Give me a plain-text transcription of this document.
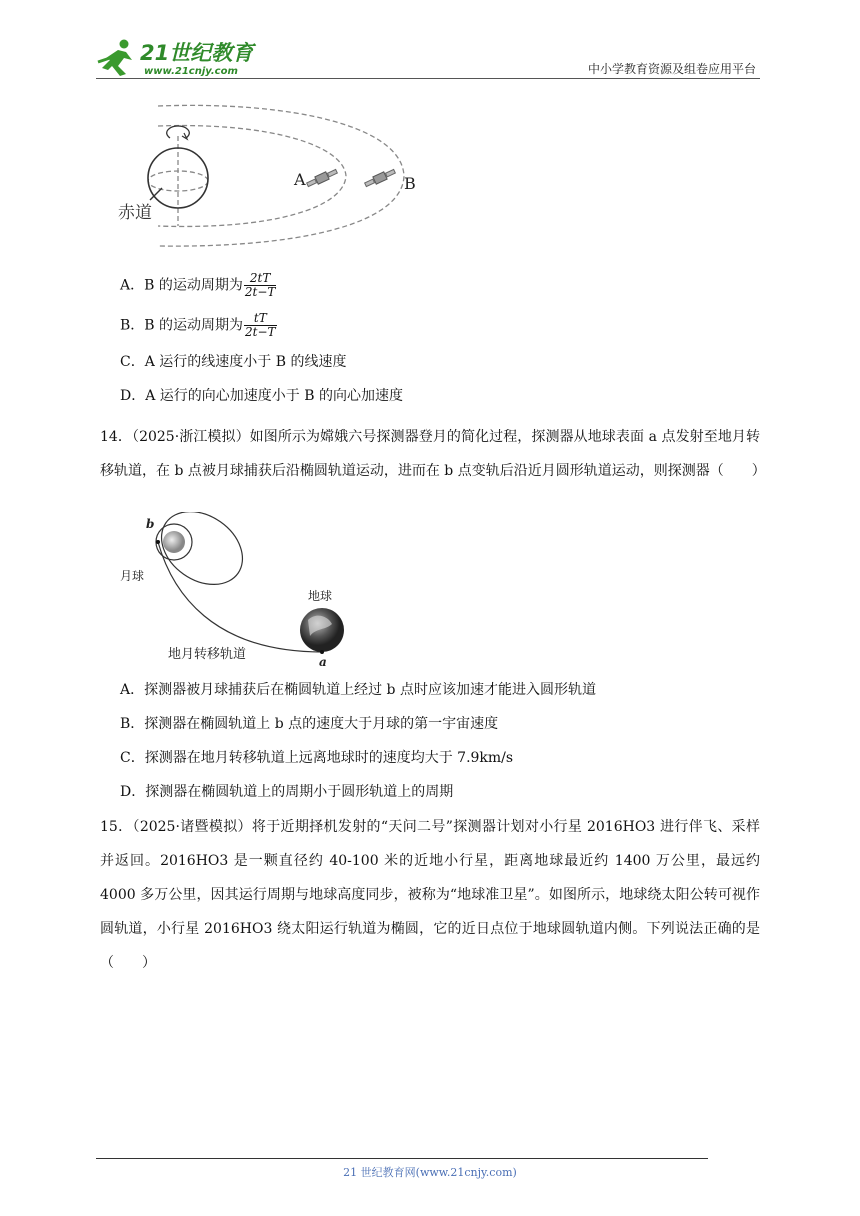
21世纪教育
www.21cnjy.com	中小学教育资源及组卷应用平台
赤道
A	B
A．B 的运动周期为 $\frac{2tT}{2t-T}$
B．B 的运动周期为 $\frac{tT}{2t-T}$
C．A 运行的线速度小于 B 的线速度
D．A 运行的向心加速度小于 B 的向心加速度
14．（2025·浙江模拟）如图所示为嫦娥六号探测器登月的简化过程，探测器从地球表面 a 点发射至地月转移轨道，在 b 点被月球捕获后沿椭圆轨道运动，进而在 b 点变轨后沿近月圆形轨道运动，则探测器（　　）
b
月球
地球
地月转移轨道	a
A．探测器被月球捕获后在椭圆轨道上经过 b 点时应该加速才能进入圆形轨道
B．探测器在椭圆轨道上 b 点的速度大于月球的第一宇宙速度
C．探测器在地月转移轨道上远离地球时的速度均大于 7.9km/s
D．探测器在椭圆轨道上的周期小于圆形轨道上的周期
15．（2025·诸暨模拟）将于近期择机发射的“天问二号”探测器计划对小行星 2016HO3 进行伴飞、采样并返回。2016HO3 是一颗直径约 40-100 米的近地小行星，距离地球最近约 1400 万公里，最远约 4000 多万公里，因其运行周期与地球高度同步，被称为“地球准卫星”。如图所示，地球绕太阳公转可视作圆轨道，小行星 2016HO3 绕太阳运行轨道为椭圆，它的近日点位于地球圆轨道内侧。下列说法正确的是（　　）
21 世纪教育网(www.21cnjy.com)
